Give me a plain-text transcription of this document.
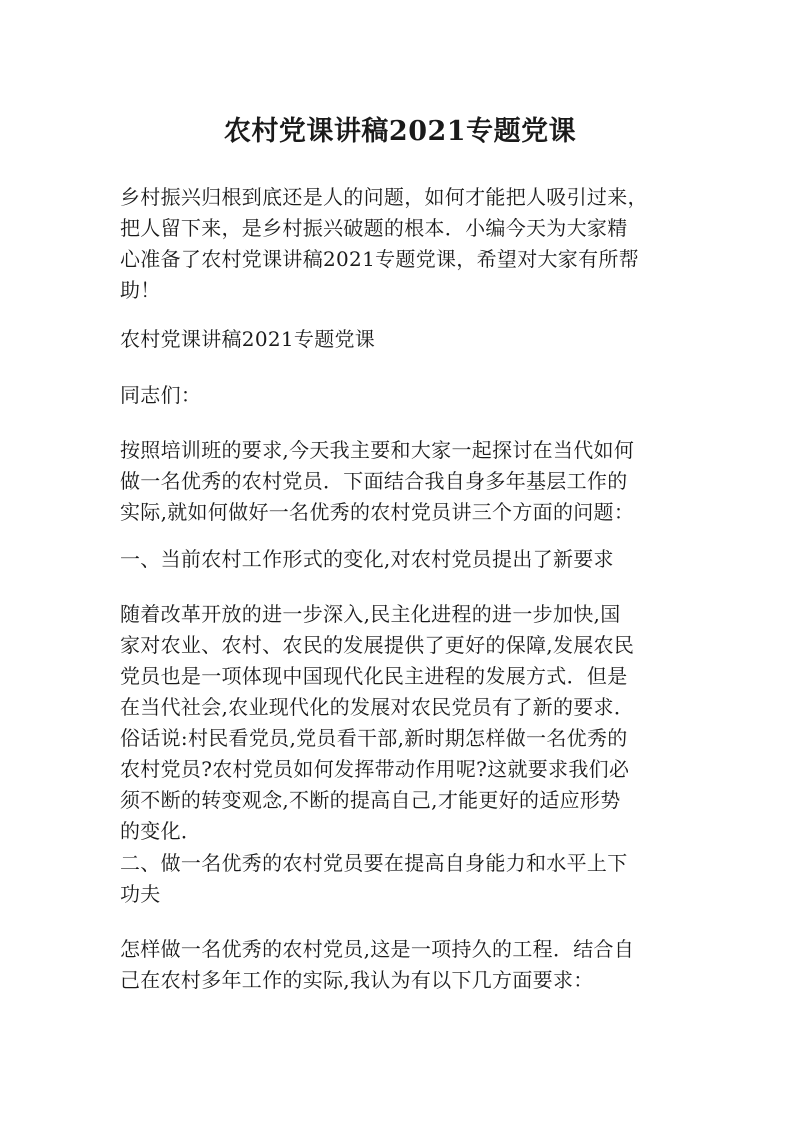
农村党课讲稿2021专题党课

乡村振兴归根到底还是人的问题，如何才能把人吸引过来，
把人留下来，是乡村振兴破题的根本．小编今天为大家精
心准备了农村党课讲稿2021专题党课，希望对大家有所帮
助！

农村党课讲稿2021专题党课

同志们：

按照培训班的要求,今天我主要和大家一起探讨在当代如何
做一名优秀的农村党员．下面结合我自身多年基层工作的
实际,就如何做好一名优秀的农村党员讲三个方面的问题：

一、当前农村工作形式的变化,对农村党员提出了新要求

随着改革开放的进一步深入,民主化进程的进一步加快,国
家对农业、农村、农民的发展提供了更好的保障,发展农民
党员也是一项体现中国现代化民主进程的发展方式．但是
在当代社会,农业现代化的发展对农民党员有了新的要求．
俗话说:村民看党员,党员看干部,新时期怎样做一名优秀的
农村党员?农村党员如何发挥带动作用呢?这就要求我们必
须不断的转变观念,不断的提高自己,才能更好的适应形势
的变化．

二、做一名优秀的农村党员要在提高自身能力和水平上下
功夫

怎样做一名优秀的农村党员,这是一项持久的工程．结合自
己在农村多年工作的实际,我认为有以下几方面要求：
